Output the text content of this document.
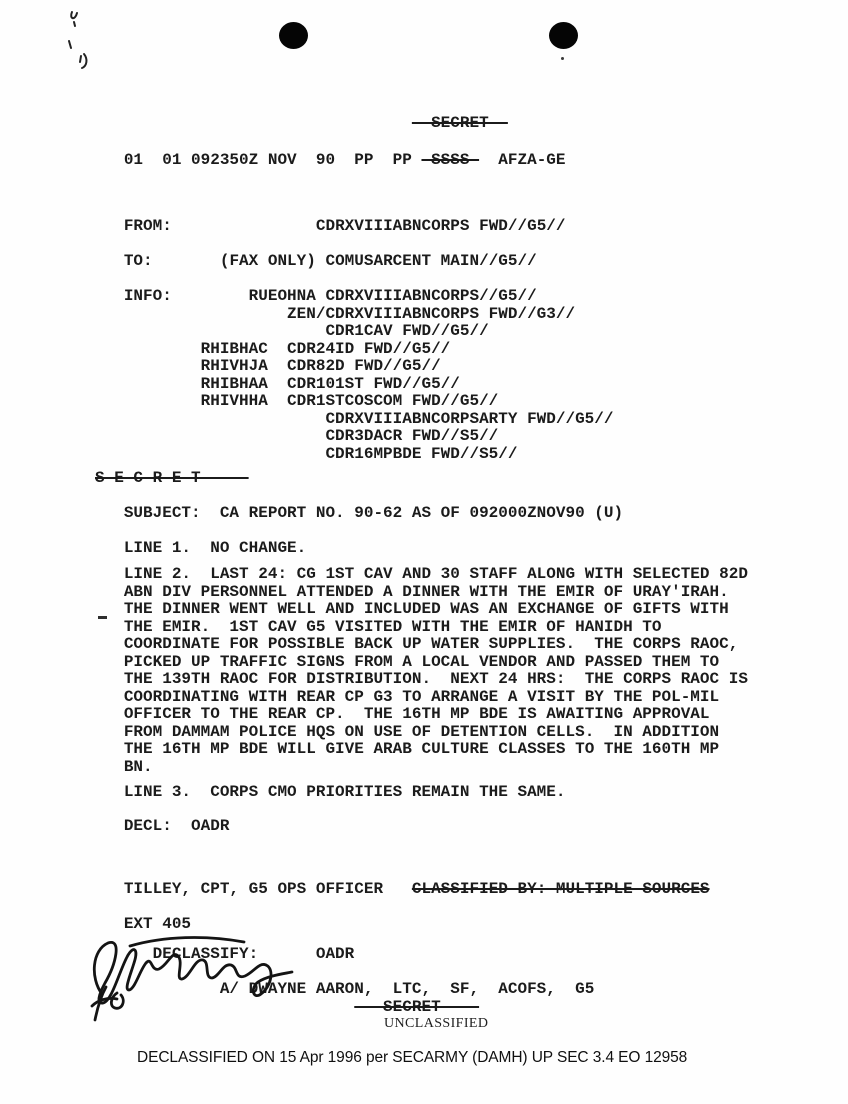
SECRET
01  01 092350Z NOV  90  PP  PP  SSSS   AFZA-GE
FROM:	CDRXVIIIABNCORPS FWD//G5//

TO:	(FAX ONLY) COMUSARCENT MAIN//G5//

INFO:	RUEOHNA CDRXVIIIABNCORPS//G5//
ZEN/CDRXVIIIABNCORPS FWD//G3//
CDR1CAV FWD//G5//
RHIBHAC  CDR24ID FWD//G5//
RHIVHJA  CDR82D FWD//G5//
RHIBHAA  CDR101ST FWD//G5//
RHIVHHA  CDR1STCOSCOM FWD//G5//
CDRXVIIIABNCORPSARTY FWD//G5//
CDR3DACR FWD//S5//
CDR16MPBDE FWD//S5//
S E C R E T
SUBJECT:  CA REPORT NO. 90-62 AS OF 092000ZNOV90 (U)
LINE 1.  NO CHANGE.
LINE 2.  LAST 24: CG 1ST CAV AND 30 STAFF ALONG WITH SELECTED 82D
ABN DIV PERSONNEL ATTENDED A DINNER WITH THE EMIR OF URAY'IRAH.
THE DINNER WENT WELL AND INCLUDED WAS AN EXCHANGE OF GIFTS WITH
THE EMIR.  1ST CAV G5 VISITED WITH THE EMIR OF HANIDH TO
COORDINATE FOR POSSIBLE BACK UP WATER SUPPLIES.  THE CORPS RAOC,
PICKED UP TRAFFIC SIGNS FROM A LOCAL VENDOR AND PASSED THEM TO
THE 139TH RAOC FOR DISTRIBUTION.  NEXT 24 HRS:  THE CORPS RAOC IS
COORDINATING WITH REAR CP G3 TO ARRANGE A VISIT BY THE POL-MIL
OFFICER TO THE REAR CP.  THE 16TH MP BDE IS AWAITING APPROVAL
FROM DAMMAM POLICE HQS ON USE OF DETENTION CELLS.  IN ADDITION
THE 16TH MP BDE WILL GIVE ARAB CULTURE CLASSES TO THE 160TH MP
BN.
LINE 3.  CORPS CMO PRIORITIES REMAIN THE SAME.
DECL:  OADR
TILLEY, CPT, G5 OPS OFFICER CLASSIFIED BY: MULTIPLE SOURCES
EXT 405
DECLASSIFY:	OADR

A/ DWAYNE AARON,  LTC,  SF,  ACOFS,  G5
SECRET
UNCLASSIFIED
DECLASSIFIED ON 15 Apr 1996 per SECARMY (DAMH) UP SEC 3.4 EO 12958
